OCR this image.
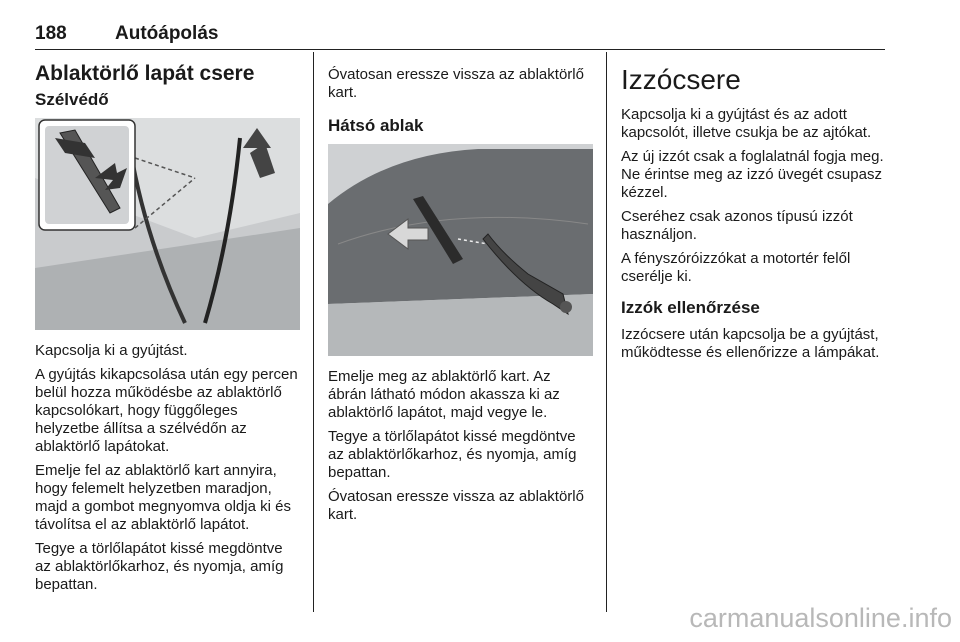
188	Autóápolás
Ablaktörlő lapát csere
Szélvédő

Kapcsolja ki a gyújtást.

A gyújtás kikapcsolása után egy percen belül hozza működésbe az ablaktörlő kapcsolókart, hogy függőleges helyzetbe állítsa a szélvédőn az ablaktörlő lapátokat.

Emelje fel az ablaktörlő kart annyira, hogy felemelt helyzetben maradjon, majd a gombot megnyomva oldja ki és távolítsa el az ablaktörlő lapátot.

Tegye a törlőlapátot kissé megdöntve az ablaktörlőkarhoz, és nyomja, amíg bepattan.

Óvatosan eressze vissza az ablaktörlő kart.

Hátsó ablak

Emelje meg az ablaktörlő kart. Az ábrán látható módon akassza ki az ablaktörlő lapátot, majd vegye le.

Tegye a törlőlapátot kissé megdöntve az ablaktörlőkarhoz, és nyomja, amíg bepattan.

Óvatosan eressze vissza az ablaktörlő kart.

Izzócsere

Kapcsolja ki a gyújtást és az adott kapcsolót, illetve csukja be az ajtókat.

Az új izzót csak a foglalatnál fogja meg. Ne érintse meg az izzó üvegét csupasz kézzel.

Cseréhez csak azonos típusú izzót használjon.

A fényszóróizzókat a motortér felől cserélje ki.

Izzók ellenőrzése

Izzócsere után kapcsolja be a gyújtást, működtesse és ellenőrizze a lámpákat.

carmanualsonline.info
